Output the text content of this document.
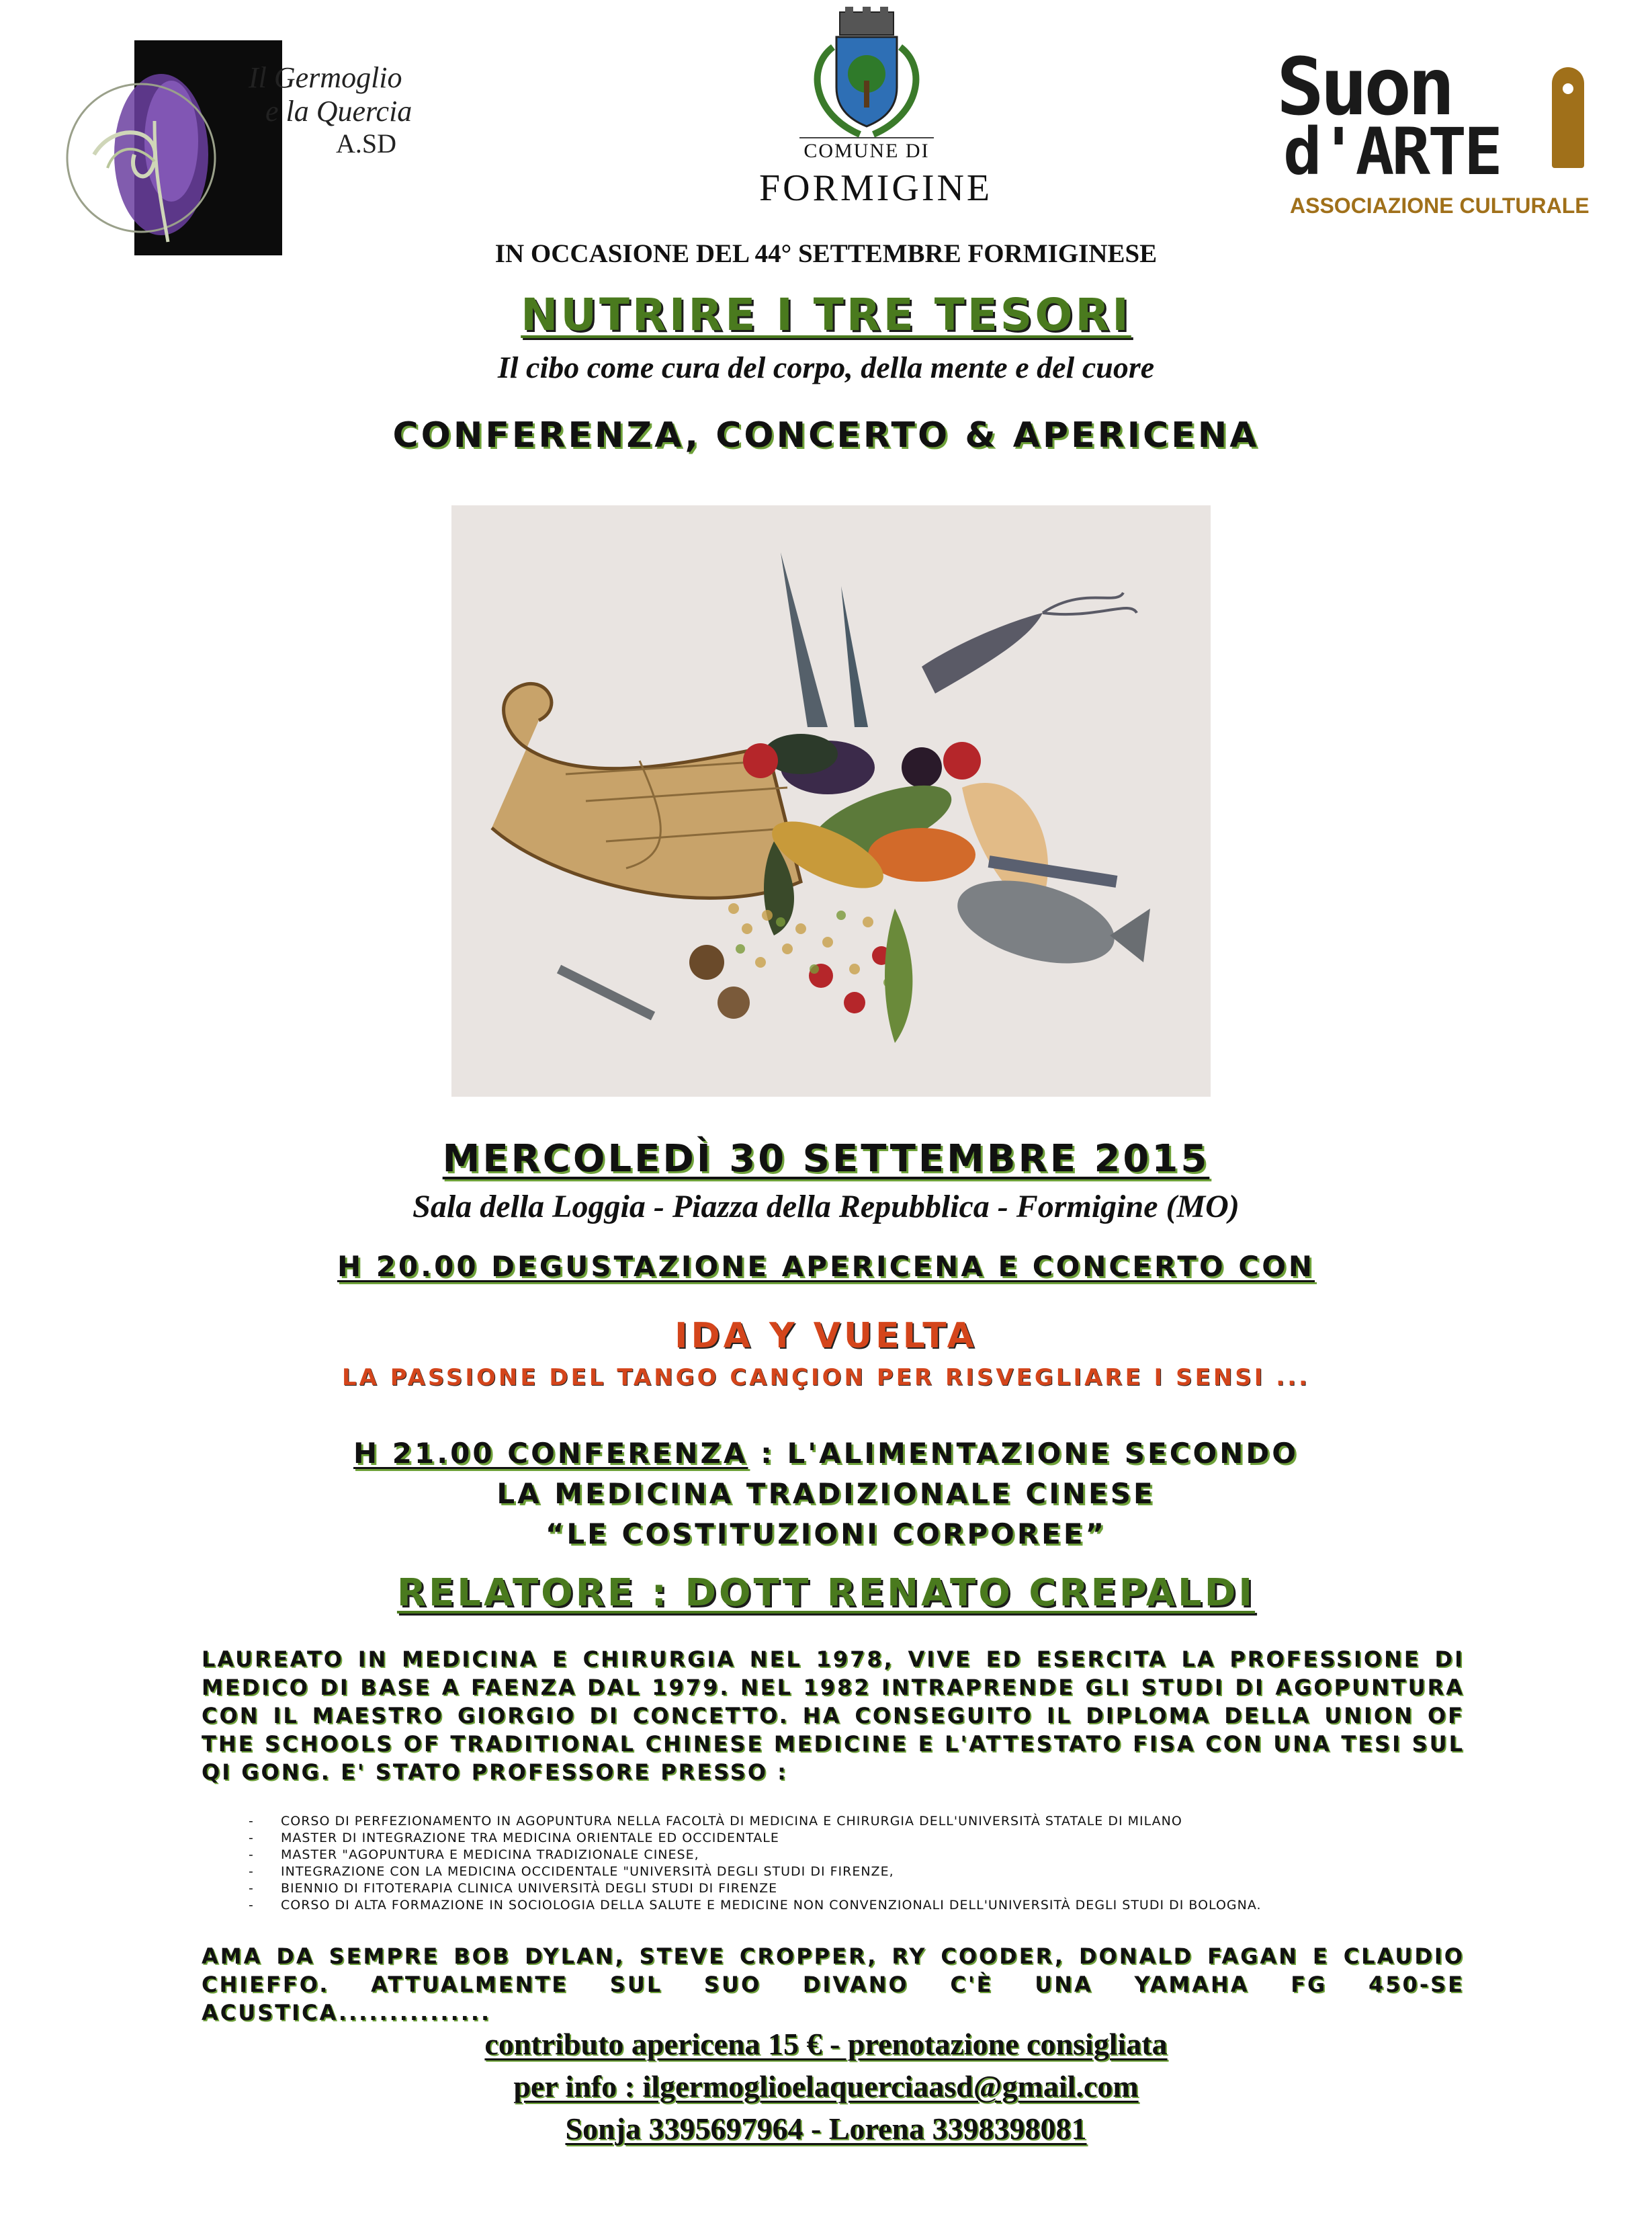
Il Germoglio
e la Quercia
A.SD	COMUNE DI
FORMIGINE
Suon
d'ARTE
ASSOCIAZIONE CULTURALE
IN OCCASIONE DEL 44° SETTEMBRE FORMIGINESE
NUTRIRE I TRE TESORI
Il cibo come cura del corpo, della mente e del cuore
CONFERENZA, CONCERTO & APERICENA
MERCOLEDÌ 30 SETTEMBRE 2015
Sala della Loggia - Piazza della Repubblica - Formigine (MO)
H 20.00 DEGUSTAZIONE APERICENA E CONCERTO CON
IDA Y VUELTA
LA PASSIONE DEL TANGO CANÇION PER RISVEGLIARE I SENSI ...
H 21.00 CONFERENZA : L'ALIMENTAZIONE SECONDO
LA MEDICINA TRADIZIONALE CINESE
“LE COSTITUZIONI CORPOREE”
RELATORE : DOTT RENATO CREPALDI
LAUREATO IN MEDICINA E CHIRURGIA NEL 1978, VIVE ED ESERCITA LA PROFESSIONE DI MEDICO DI BASE A FAENZA DAL 1979. NEL 1982 INTRAPRENDE GLI STUDI DI AGOPUNTURA CON IL MAESTRO GIORGIO DI CONCETTO. HA CONSEGUITO IL DIPLOMA DELLA UNION OF THE SCHOOLS OF TRADITIONAL CHINESE MEDICINE E L'ATTESTATO FISA CON UNA TESI SUL QI GONG. E' STATO PROFESSORE PRESSO :
- CORSO DI PERFEZIONAMENTO IN AGOPUNTURA NELLA FACOLTÀ DI MEDICINA E CHIRURGIA DELL'UNIVERSITÀ STATALE DI MILANO
- MASTER DI INTEGRAZIONE TRA MEDICINA ORIENTALE ED OCCIDENTALE
- MASTER "AGOPUNTURA E MEDICINA TRADIZIONALE CINESE,
- INTEGRAZIONE CON LA MEDICINA OCCIDENTALE "UNIVERSITÀ DEGLI STUDI DI FIRENZE,
- BIENNIO DI FITOTERAPIA CLINICA UNIVERSITÀ DEGLI STUDI DI FIRENZE
- CORSO DI ALTA FORMAZIONE IN SOCIOLOGIA DELLA SALUTE E MEDICINE NON CONVENZIONALI DELL'UNIVERSITÀ DEGLI STUDI DI BOLOGNA.
AMA DA SEMPRE BOB DYLAN, STEVE CROPPER, RY COODER, DONALD FAGAN E CLAUDIO CHIEFFO. ATTUALMENTE SUL SUO DIVANO C'È UNA YAMAHA FG 450-SE ACUSTICA...............
contributo apericena 15 € - prenotazione consigliata
per info : ilgermoglioelaquerciaasd@gmail.com
Sonja 3395697964 - Lorena 3398398081
